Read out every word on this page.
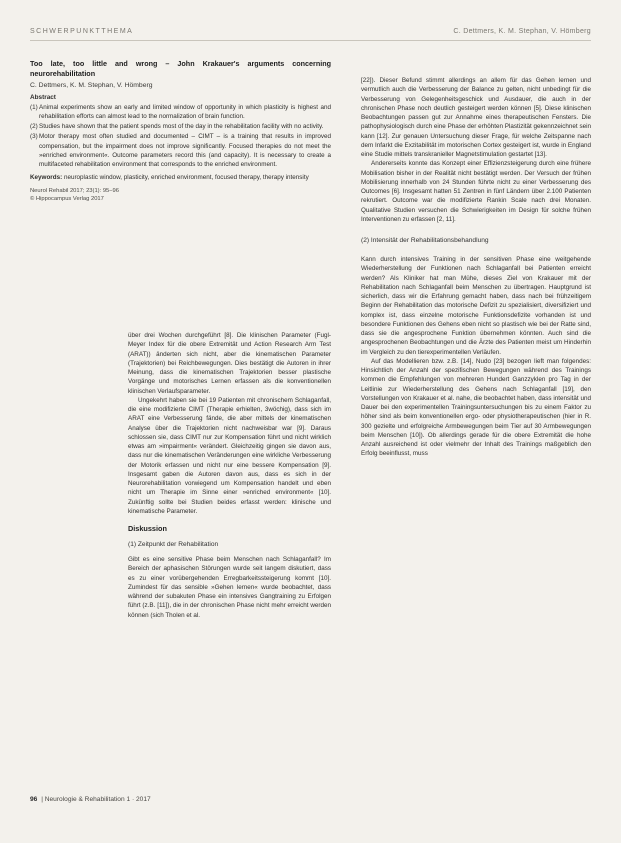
SCHWERPUNKTTHEMA	C. Dettmers, K. M. Stephan, V. Hömberg
Too late, too little and wrong – John Krakauer's arguments concerning neurorehabilitation
C. Dettmers, K. M. Stephan, V. Hömberg
Abstract
(1) Animal experiments show an early and limited window of opportunity in which plasticity is highest and rehabilitation efforts can almost lead to the normalization of brain function.
(2) Studies have shown that the patient spends most of the day in the rehabilitation facility with no activity.
(3) Motor therapy most often studied and documented – CIMT – is a training that results in improved compensation, but the impairment does not improve significantly. Focused therapies do not meet the »enriched environment«. Outcome parameters record this (and capacity). It is necessary to create a multifaceted rehabilitation environment that corresponds to the enriched environment.
Keywords: neuroplastic window, plasticity, enriched environment, focused therapy, therapy intensity
Neurol Rehabil 2017; 23(1): 95–96
© Hippocampus Verlag 2017

über drei Wochen durchgeführt [8]. Die klinischen Parameter (Fugl-Meyer Index für die obere Extremität und Action Research Arm Test (ARAT)) änderten sich nicht, aber die kinematischen Parameter (Trajektorien) bei Reichbewegungen. Dies bestätigt die Autoren in ihrer Meinung, dass die kinematischen Trajektorien besser plastische Vorgänge und motorisches Lernen erfassen als die konventionellen klinischen Verlaufsparameter.

Ungekehrt haben sie bei 19 Patienten mit chronischem Schlaganfall, die eine modifizierte CIMT (Therapie erhielten, 3wöchig), dass sich im ARAT eine Verbesserung fände, die aber mittels der kinematischen Analyse über die Trajektorien nicht nachweisbar war [9]. Daraus schlossen sie, dass CIMT nur zur Kompensation führt und nicht wirklich etwas am »impairment« verändert. Gleichzeitig gingen sie davon aus, dass nur die kinematischen Veränderungen eine wirkliche Verbesserung der Motorik erfassen und nicht nur eine bessere Kompensation [9]. Insgesamt gaben die Autoren davon aus, dass es sich in der Neurorehabilitation vorwiegend um Kompensation handelt und eben nicht um Therapie im Sinne einer »enriched environment« [10]. Zukünftig sollte bei Studien beides erfasst werden: klinische und kinematische Parameter.

Diskussion
(1) Zeitpunkt der Rehabilitation

Gibt es eine sensitive Phase beim Menschen nach Schlaganfall? Im Bereich der aphasischen Störungen wurde seit langem diskutiert, dass es zu einer vorübergehenden Erregbarkeitssteigerung kommt [10]. Zumindest für das sensible »Gehen lernen« wurde beobachtet, dass während der subakuten Phase ein intensives Gangtraining zu Erfolgen führt (z.B. [11]), die in der chronischen Phase nicht mehr erreicht werden können (sich Tholen et al.

[22]). Dieser Befund stimmt allerdings an allem für das Gehen lernen und vermutlich auch die Verbesserung der Balance zu gelten, nicht unbedingt für die Verbesserung von Gelegenheitsgeschick und Ausdauer, die auch in der chronischen Phase noch deutlich gesteigert werden können [5]. Diese klinischen Beobachtungen passen gut zur Annahme eines therapeutischen Fensters. Die pathophysiologisch durch eine Phase der erhöhten Plastizität gekennzeichnet sein kann [12]. Zur genauen Untersuchung dieser Frage, für welche Zeitspanne nach dem Infarkt die Exzitabilität im motorischen Cortex gesteigert ist, wurde in England eine Studie mittels transkranieller Magnetstimulation gestartet [13].

Andererseits konnte das Konzept einer Effizienzsteigerung durch eine frühere Mobilisation bisher in der Realität nicht bestätigt werden. Der Versuch der frühen Mobilisierung innerhalb von 24 Stunden führte nicht zu einer Verbesserung des Outcomes [6]. Insgesamt hatten 51 Zentren in fünf Ländern über 2.100 Patienten rekrutiert. Outcome war die modifizierte Rankin Scale nach drei Monaten. Qualitative Studien versuchen die Schwierigkeiten im Design für solche frühen Interventionen zu erfassen [2, 11].

(2) Intensität der Rehabilitationsbehandlung

Kann durch intensives Training in der sensitiven Phase eine weitgehende Wiederherstellung der Funktionen nach Schlaganfall bei Patienten erreicht werden? Als Kliniker hat man Mühe, dieses Ziel von Krakauer mit der Rehabilitation nach Schlaganfall beim Menschen zu übertragen. Hauptgrund ist sicherlich, dass wir die Erfahrung gemacht haben, dass nach bei frühzeitigem Beginn der Rehabilitation das motorische Defizit zu spezialisiert, diversifiziert und komplex ist, dass einzelne motorische Funktionsdefizite vorhanden ist und besondere Funktionen des Gehens eben nicht so plastisch wie bei der Ratte sind, dass sie die angesprochene Funktion übernehmen könnten. Auch sind die angesprochenen Beobachtungen und die Ärzte des Patienten meist um Hinderhin im Vergleich zu den tierexperimentellen Verläufen.

Auf das Modellieren bzw. z.B. [14], Nudo [23] bezogen lieft man folgendes: Hinsichtlich der Anzahl der spezifischen Bewegungen während des Trainings kommen die Empfehlungen von mehreren Hundert Ganzzyklen pro Tag in der Leitlinie zur Wiederherstellung des Gehens nach Schlaganfall [19], den Vorstellungen von Krakauer et al. nahe, die beobachtet haben, dass intensität und Dauer bei den experimentellen Trainingsuntersuchungen bis zu einem Faktor zu höher sind als beim konventionellen ergo- oder physiotherapeutischen (hier in R. 300 gezielte und erfolgreiche Armbewegungen beim Tier auf 30 Armbewegungen beim Menschen [10]). Ob allerdings gerade für die obere Extremität die hohe Anzahl ausreichend ist oder vielmehr der Inhalt des Trainings maßgeblich den Erfolg beeinflusst, muss

96 | Neurologie & Rehabilitation 1 · 2017
